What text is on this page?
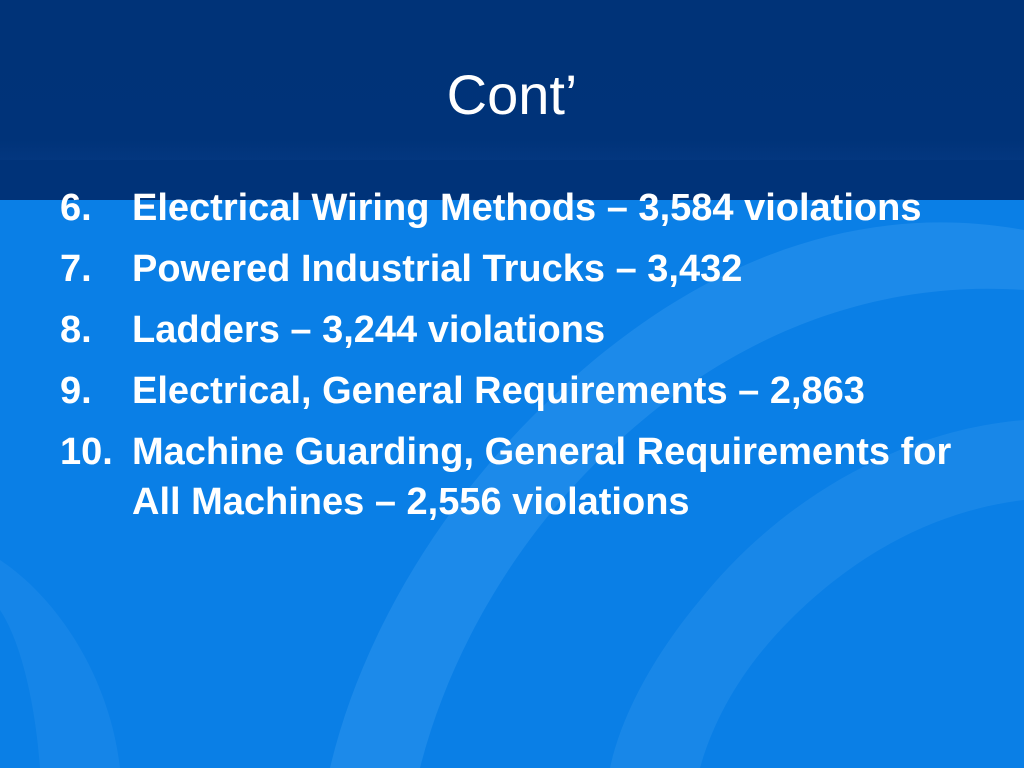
Cont’
6.	Electrical Wiring Methods – 3,584 violations
7.	Powered Industrial Trucks – 3,432
8.	Ladders – 3,244 violations
9.	Electrical, General Requirements – 2,863
10. Machine Guarding, General Requirements for All Machines – 2,556 violations
